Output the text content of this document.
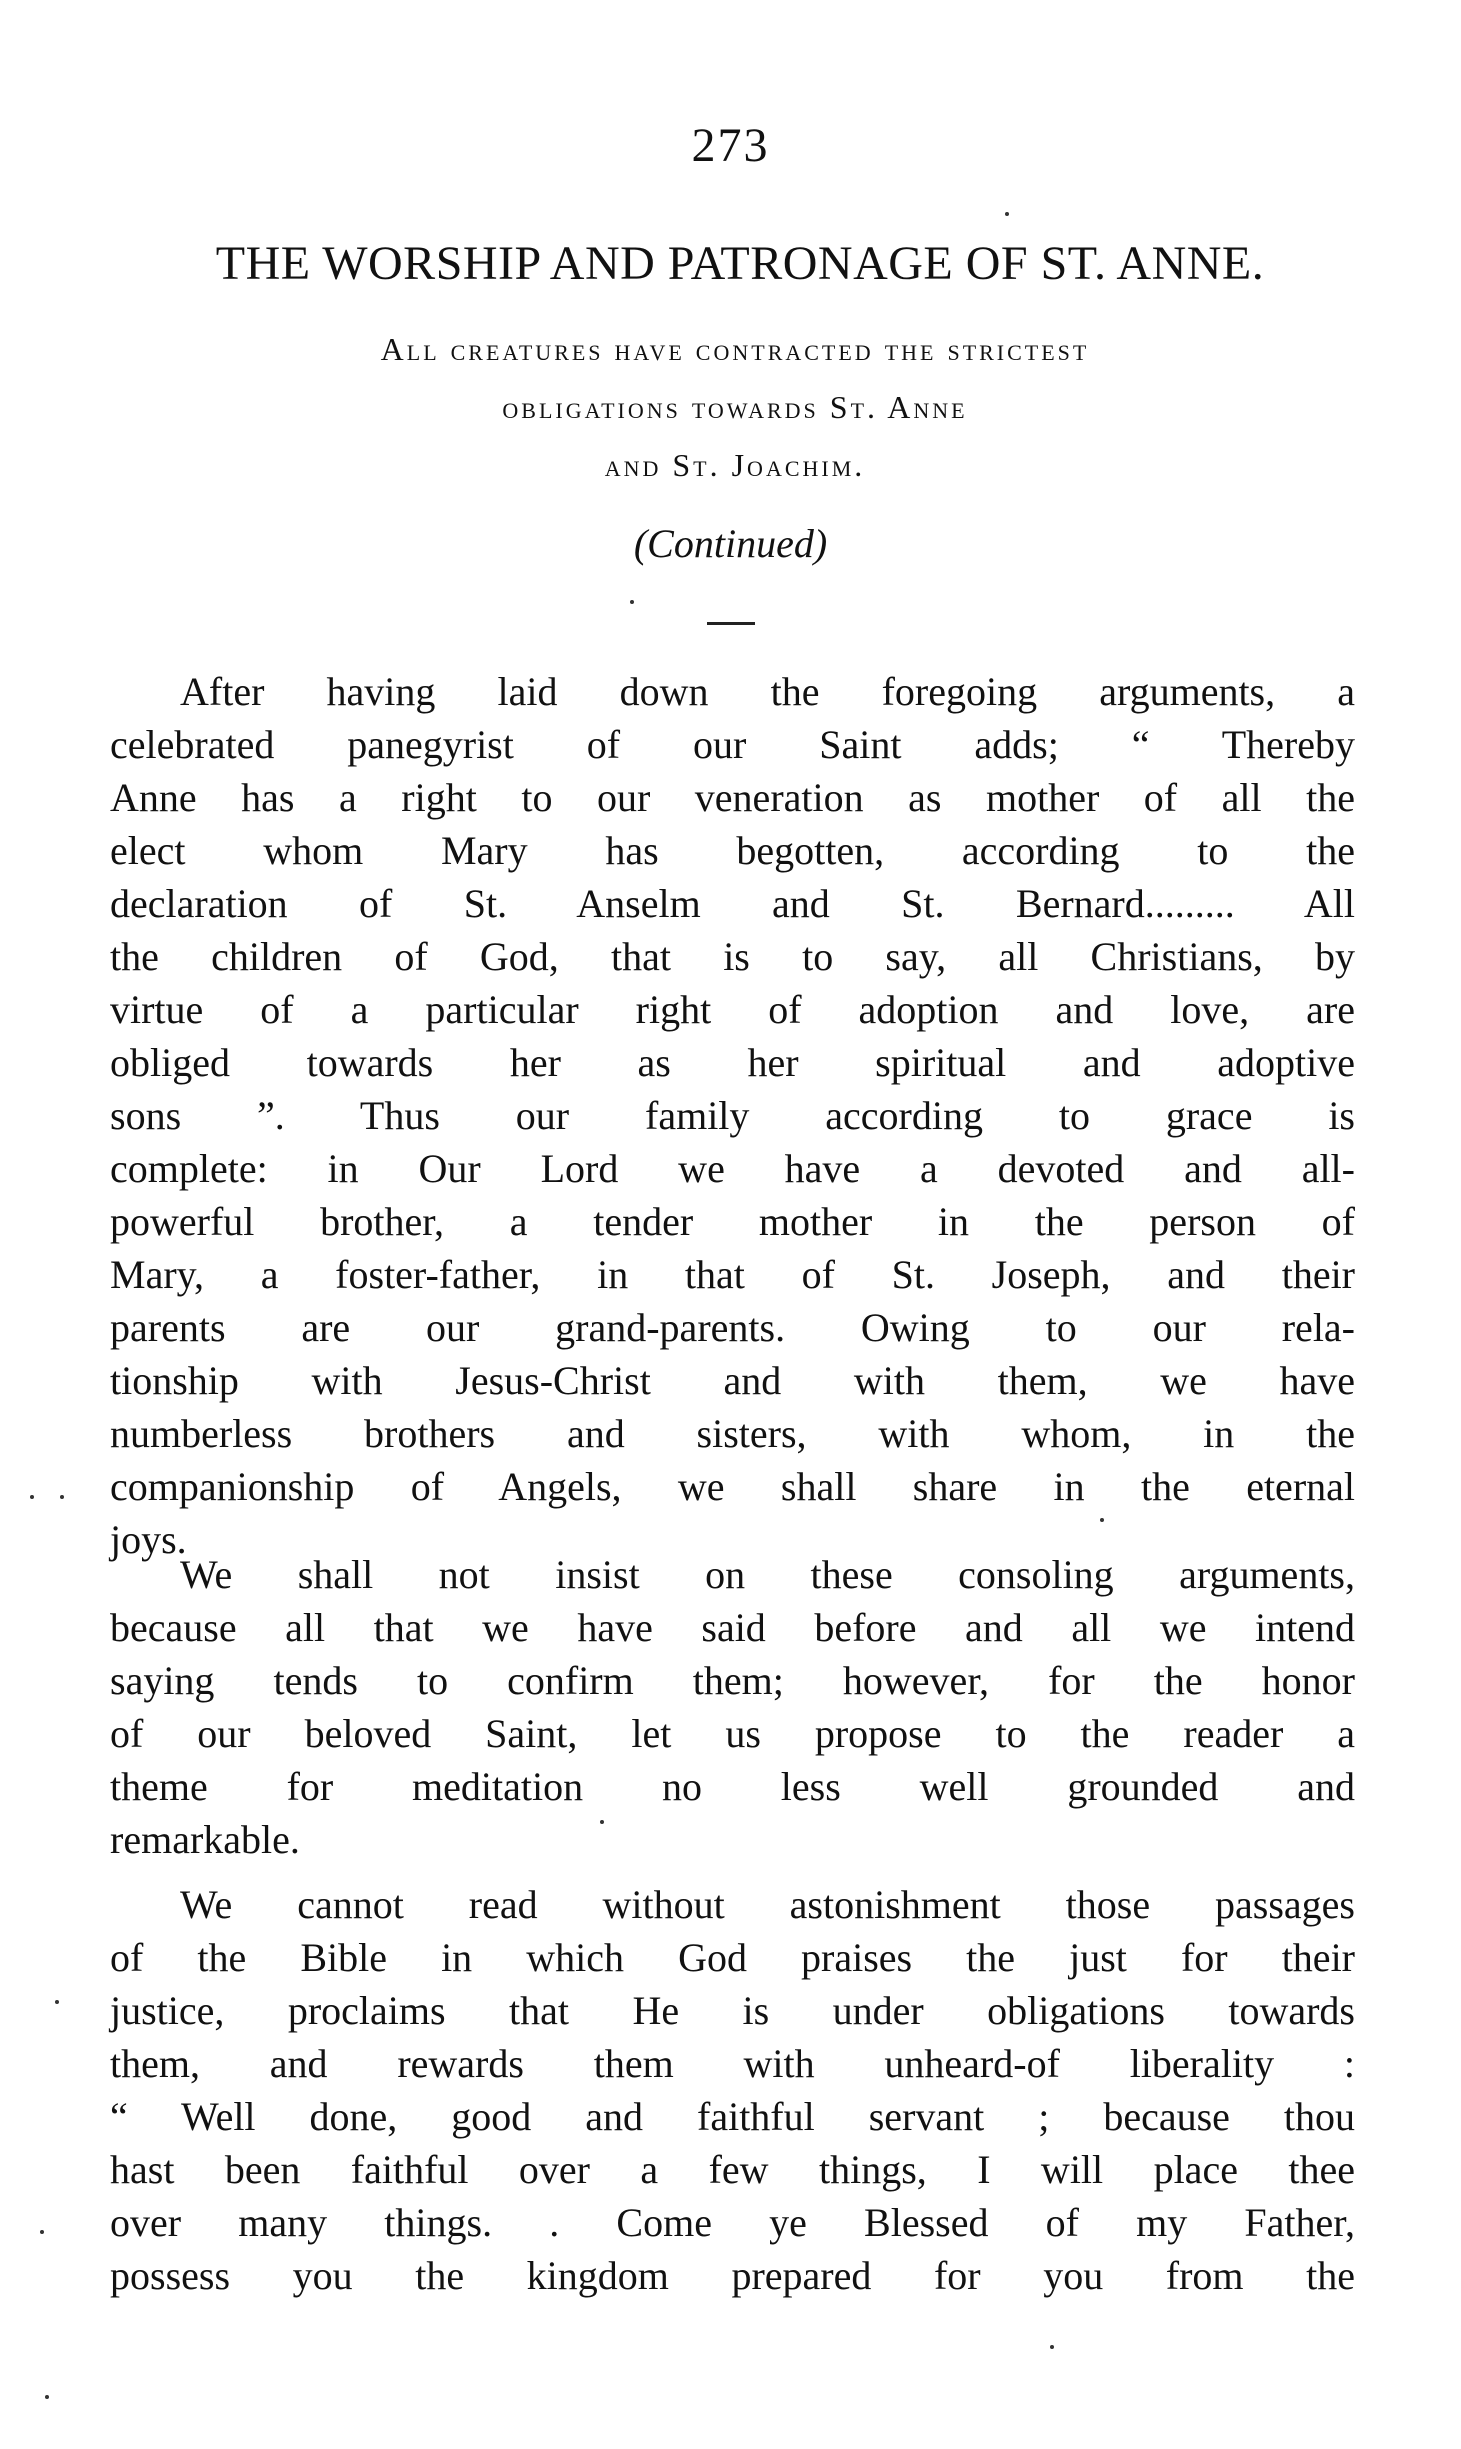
273
THE WORSHIP AND PATRONAGE OF ST. ANNE.
All creatures have contracted the strictest
obligations towards St. Anne
and St. Joachim.
(Continued)
After having laid down the foregoing arguments, a
celebrated panegyrist of our Saint adds; “ Thereby
Anne has a right to our veneration as mother of all the
elect whom Mary has begotten, according to the
declaration of St. Anselm and St. Bernard......... All
the children of God, that is to say, all Christians, by
virtue of a particular right of adoption and love, are
obliged towards her as her spiritual and adoptive
sons ”. Thus our family according to grace is
complete: in Our Lord we have a devoted and all-
powerful brother, a tender mother in the person of
Mary, a foster-father, in that of St. Joseph, and their
parents are our grand-parents. Owing to our rela-
tionship with Jesus-Christ and with them, we have
numberless brothers and sisters, with whom, in the
companionship of Angels, we shall share in the eternal
joys.
We shall not insist on these consoling arguments,
because all that we have said before and all we intend
saying tends to confirm them; however, for the honor
of our beloved Saint, let us propose to the reader a
theme for meditation no less well grounded and
remarkable.
We cannot read without astonishment those passages
of the Bible in which God praises the just for their
justice, proclaims that He is under obligations towards
them, and rewards them with unheard-of liberality :
“ Well done, good and faithful servant ; because thou
hast been faithful over a few things, I will place thee
over many things. . Come ye Blessed of my Father,
possess you the kingdom prepared for you from the
